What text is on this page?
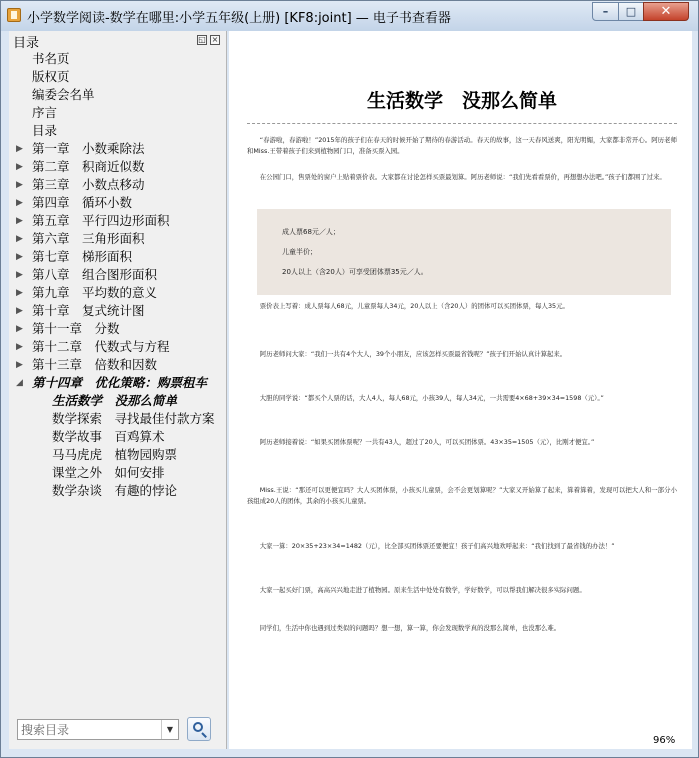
小学数学阅读-数学在哪里:小学五年级(上册) [KF8:joint] — 电子书查看器	–	□	✕
目录	◱ ×
书名页
版权页
编委会名单
序言
目录
▶ 第一章　小数乘除法
▶ 第二章　积商近似数
▶ 第三章　小数点移动
▶ 第四章　循环小数
▶ 第五章　平行四边形面积
▶ 第六章　三角形面积
▶ 第七章　梯形面积
▶ 第八章　组合图形面积
▶ 第九章　平均数的意义
▶ 第十章　复式统计图
▶ 第十一章　分数
▶ 第十二章　代数式与方程
▶ 第十三章　倍数和因数
◢ 第十四章　优化策略：购票租车
生活数学　没那么简单
数学探索　寻找最佳付款方案
数学故事　百鸡算术
马马虎虎　植物园购票
课堂之外　如何安排
数学杂谈　有趣的悖论
搜索目录
▼
生活数学　没那么简单
“春游啦，春游啦！”2015年的孩子们在春天的时候开始了期待的春游活动。春天的故事，这一天春风送爽，阳光明媚，大家都非常开心。阿历老师和Miss.王带着孩子们来到植物园门口，准备买票入园。
在公园门口，售票处的窗户上贴着票价表。大家都在讨论怎样买票最划算。阿历老师说：“我们先看看票价，再想想办法吧。”孩子们都围了过来。
成人票68元／人；
儿童半价；
20人以上（含20人）可享受团体票35元／人。
票价表上写着：成人票每人68元，儿童票每人34元，20人以上（含20人）的团体可以买团体票，每人35元。
阿历老师问大家：“我们一共有4个大人，39个小朋友，应该怎样买票最省钱呢？”孩子们开始认真计算起来。
大胆的同学说：“都买个人票的话，大人4人，每人68元，小孩39人，每人34元，一共需要4×68+39×34=1598（元）。”
阿历老师接着说：“如果买团体票呢？一共有43人，超过了20人，可以买团体票。43×35=1505（元），比刚才便宜。”
Miss.王说：“那还可以更便宜吗？大人买团体票，小孩买儿童票，会不会更划算呢？”大家又开始算了起来，算着算着，发现可以把大人和一部分小孩组成20人的团体，其余的小孩买儿童票。
大家一算：20×35+23×34=1482（元），比全部买团体票还要便宜！孩子们高兴地欢呼起来：“我们找到了最省钱的办法！”
大家一起买好门票，高高兴兴地走进了植物园。原来生活中处处有数学，学好数学，可以帮我们解决很多实际问题。
同学们，生活中你也遇到过类似的问题吗？想一想，算一算，你会发现数学真的没那么简单，也没那么难。
96%
